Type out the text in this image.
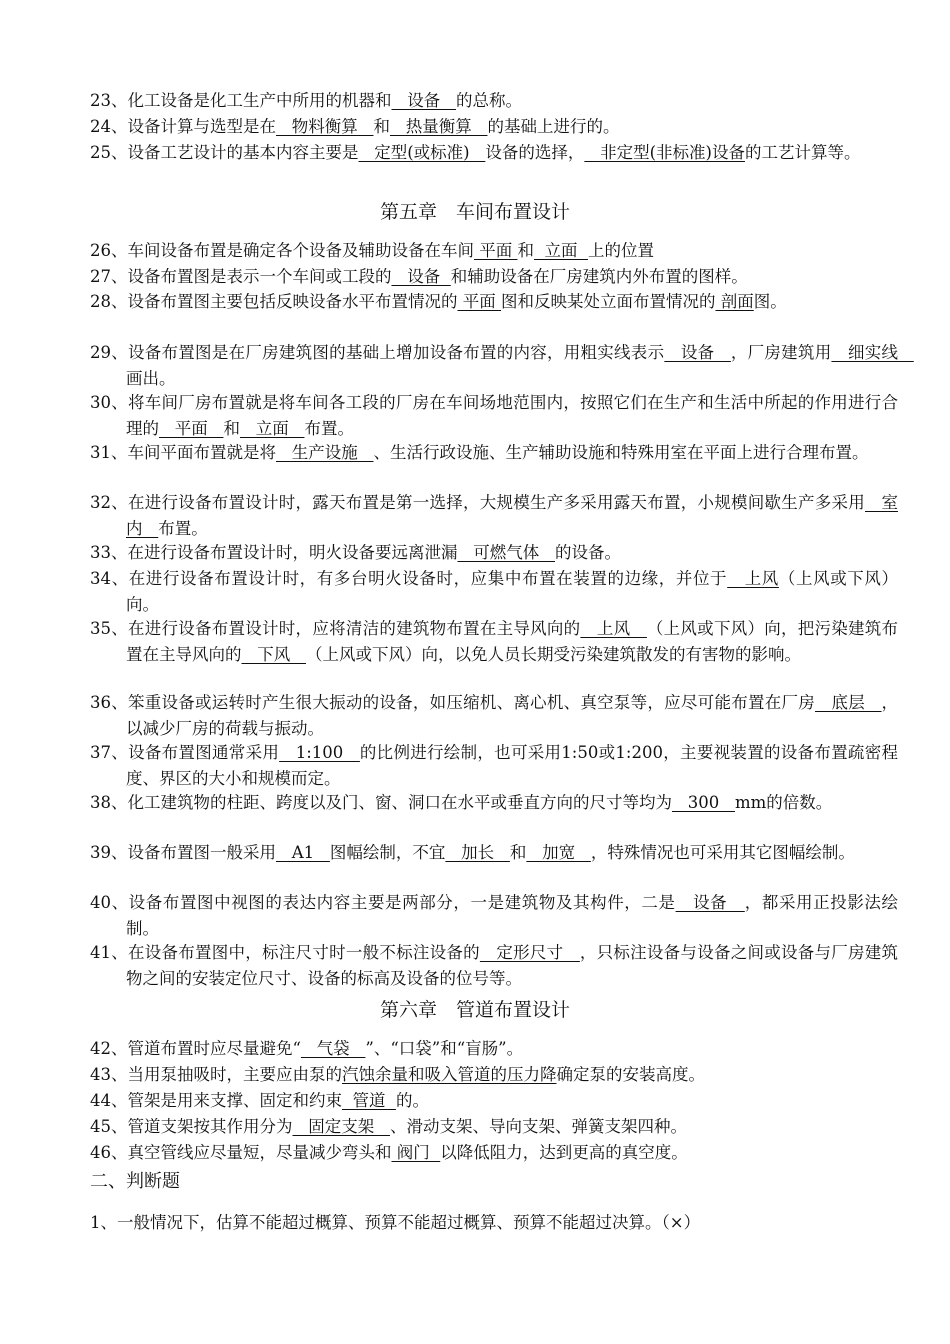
23、化工设备是化工生产中所用的机器和   设备   的总称。
24、设备计算与选型是在   物料衡算   和   热量衡算   的基础上进行的。
25、设备工艺设计的基本内容主要是   定型(或标准)   设备的选择，   非定型(非标准)设备的工艺计算等。
第五章　车间布置设计
26、车间设备布置是确定各个设备及辅助设备在车间 平面 和  立面  上的位置
27、设备布置图是表示一个车间或工段的   设备  和辅助设备在厂房建筑内外布置的图样。
28、设备布置图主要包括反映设备水平布置情况的 平面 图和反映某处立面布置情况的 剖面图。
29、设备布置图是在厂房建筑图的基础上增加设备布置的内容，用粗实线表示   设备   ，厂房建筑用   细实线   画出。
30、将车间厂房布置就是将车间各工段的厂房在车间场地范围内，按照它们在生产和生活中所起的作用进行合理的   平面   和   立面   布置。
31、车间平面布置就是将   生产设施   、生活行政设施、生产辅助设施和特殊用室在平面上进行合理布置。
32、在进行设备布置设计时，露天布置是第一选择，大规模生产多采用露天布置，小规模间歇生产多采用   室内   布置。
33、在进行设备布置设计时，明火设备要远离泄漏   可燃气体   的设备。
34、在进行设备布置设计时，有多台明火设备时，应集中布置在装置的边缘，并位于   上风（上风或下风）向。
35、在进行设备布置设计时，应将清洁的建筑物布置在主导风向的   上风   （上风或下风）向，把污染建筑布置在主导风向的   下风   （上风或下风）向，以免人员长期受污染建筑散发的有害物的影响。
36、笨重设备或运转时产生很大振动的设备，如压缩机、离心机、真空泵等，应尽可能布置在厂房   底层   ，以减少厂房的荷载与振动。
37、设备布置图通常采用   1:100   的比例进行绘制，也可采用1:50或1:200，主要视装置的设备布置疏密程度、界区的大小和规模而定。
38、化工建筑物的柱距、跨度以及门、窗、洞口在水平或垂直方向的尺寸等均为   300   mm的倍数。
39、设备布置图一般采用   A1   图幅绘制，不宜   加长   和   加宽   ，特殊情况也可采用其它图幅绘制。
40、设备布置图中视图的表达内容主要是两部分，一是建筑物及其构件，二是   设备   ，都采用正投影法绘制。
41、在设备布置图中，标注尺寸时一般不标注设备的   定形尺寸   ，只标注设备与设备之间或设备与厂房建筑物之间的安装定位尺寸、设备的标高及设备的位号等。
第六章　管道布置设计
42、管道布置时应尽量避免“   气袋   ”、“口袋”和“盲肠”。
43、当用泵抽吸时，主要应由泵的汽蚀余量和吸入管道的压力降确定泵的安装高度。
44、管架是用来支撑、固定和约束  管道  的。
45、管道支架按其作用分为   固定支架   、滑动支架、导向支架、弹簧支架四种。
46、真空管线应尽量短，尽量减少弯头和 阀门  以降低阻力，达到更高的真空度。
二、判断题
1、一般情况下，估算不能超过概算、预算不能超过概算、预算不能超过决算。（×）
